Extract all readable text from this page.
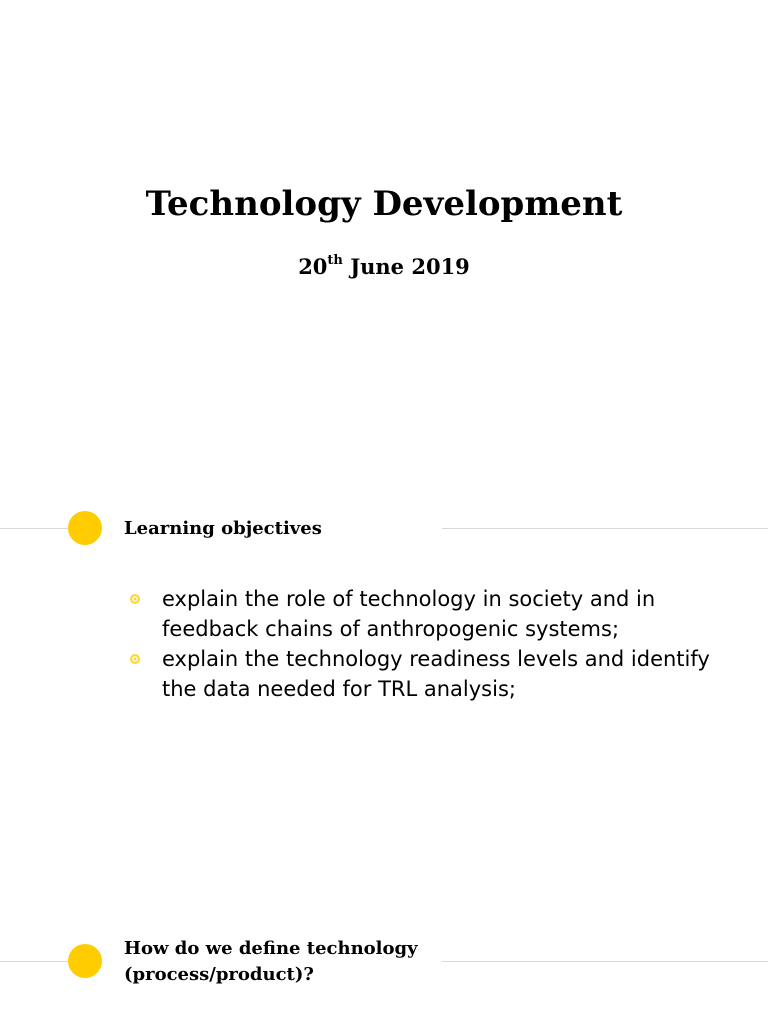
Technology Development
20th June 2019
Learning objectives
explain the role of technology in society and in feedback chains of anthropogenic systems;
explain the technology readiness levels and identify the data needed for TRL analysis;
How do we define technology
(process/product)?
